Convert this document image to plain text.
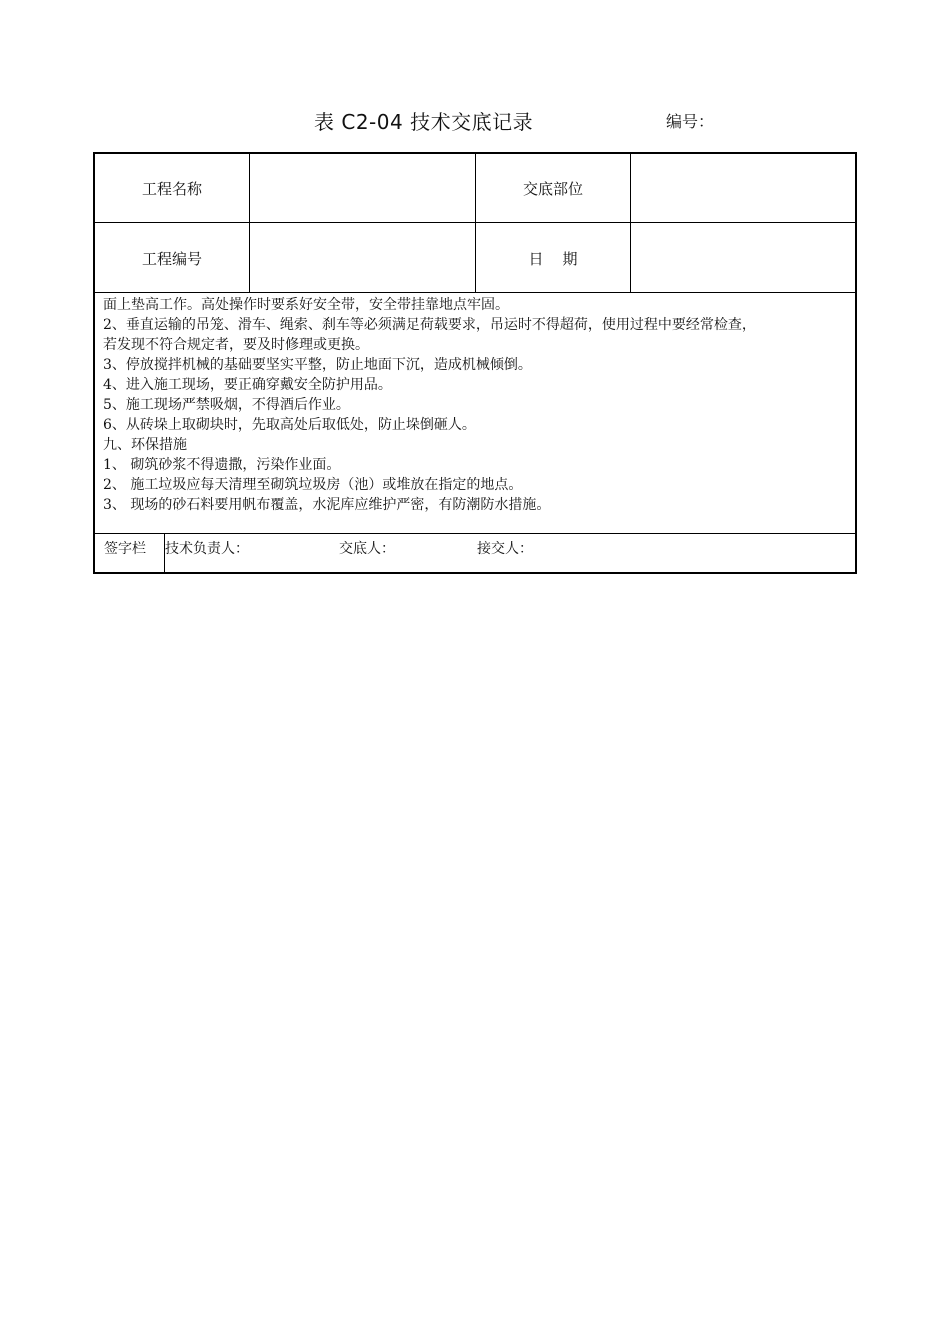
表 C2-04 技术交底记录	编号：
工程名称	交底部位
工程编号	日    期
面上垫高工作。高处操作时要系好安全带，安全带挂靠地点牢固。
2、垂直运输的吊笼、滑车、绳索、刹车等必须满足荷载要求，吊运时不得超荷，使用过程中要经常检查，
若发现不符合规定者，要及时修理或更换。
3、停放搅拌机械的基础要坚实平整，防止地面下沉，造成机械倾倒。
4、进入施工现场，要正确穿戴安全防护用品。
5、施工现场严禁吸烟，不得酒后作业。
6、从砖垛上取砌块时，先取高处后取低处，防止垛倒砸人。
九、环保措施
1、 砌筑砂浆不得遗撒，污染作业面。
2、 施工垃圾应每天清理至砌筑垃圾房（池）或堆放在指定的地点。
3、 现场的砂石料要用帆布覆盖，水泥库应维护严密，有防潮防水措施。
签字栏 技术负责人：	交底人：	接交人：
